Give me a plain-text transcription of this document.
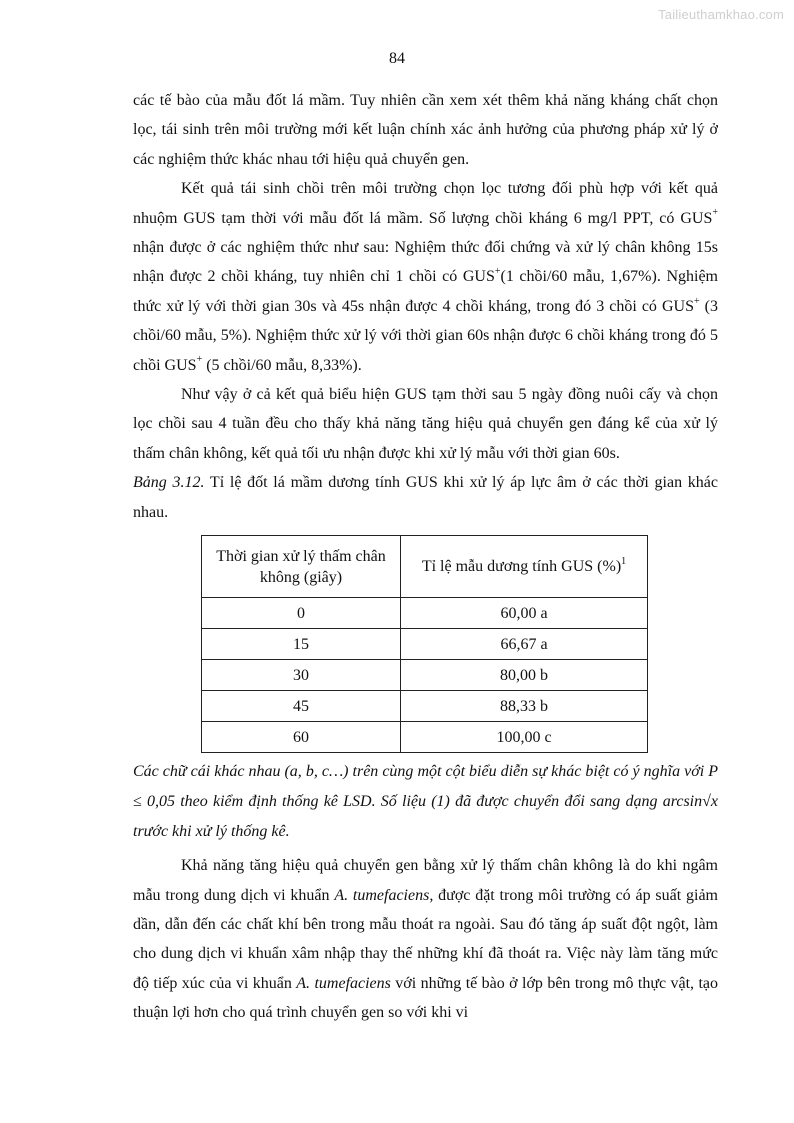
Tailieuthamkhao.com
84

các tế bào của mẫu đốt lá mầm. Tuy nhiên cần xem xét thêm khả năng kháng chất chọn lọc, tái sinh trên môi trường mới kết luận chính xác ảnh hưởng của phương pháp xử lý ở các nghiệm thức khác nhau tới hiệu quả chuyển gen.

Kết quả tái sinh chồi trên môi trường chọn lọc tương đối phù hợp với kết quả nhuộm GUS tạm thời với mẫu đốt lá mầm. Số lượng chồi kháng 6 mg/l PPT, có GUS+ nhận được ở các nghiệm thức như sau: Nghiệm thức đối chứng và xử lý chân không 15s nhận được 2 chồi kháng, tuy nhiên chỉ 1 chồi có GUS+(1 chồi/60 mẫu, 1,67%). Nghiệm thức xử lý với thời gian 30s và 45s nhận được 4 chồi kháng, trong đó 3 chồi có GUS+ (3 chồi/60 mẫu, 5%). Nghiệm thức xử lý với thời gian 60s nhận được 6 chồi kháng trong đó 5 chồi GUS+ (5 chồi/60 mẫu, 8,33%).

Như vậy ở cả kết quả biểu hiện GUS tạm thời sau 5 ngày đồng nuôi cấy và chọn lọc chồi sau 4 tuần đều cho thấy khả năng tăng hiệu quả chuyển gen đáng kể của xử lý thấm chân không, kết quả tối ưu nhận được khi xử lý mẫu với thời gian 60s.

Bảng 3.12. Tỉ lệ đốt lá mầm dương tính GUS khi xử lý áp lực âm ở các thời gian khác nhau.

Thời gian xử lý thấm chân không (giây)	Tỉ lệ mẫu dương tính GUS (%)$^1$
0	60,00 a
15	66,67 a
30	80,00 b
45	88,33 b
60	100,00 c

Các chữ cái khác nhau (a, b, c…) trên cùng một cột biểu diễn sự khác biệt có ý nghĩa với P ≤ 0,05 theo kiểm định thống kê LSD. Số liệu (1) đã được chuyển đổi sang dạng arcsin√x trước khi xử lý thống kê.

Khả năng tăng hiệu quả chuyển gen bằng xử lý thấm chân không là do khi ngâm mẫu trong dung dịch vi khuẩn A. tumefaciens, được đặt trong môi trường có áp suất giảm dần, dẫn đến các chất khí bên trong mẫu thoát ra ngoài. Sau đó tăng áp suất đột ngột, làm cho dung dịch vi khuẩn xâm nhập thay thế những khí đã thoát ra. Việc này làm tăng mức độ tiếp xúc của vi khuẩn A. tumefaciens với những tế bào ở lớp bên trong mô thực vật, tạo thuận lợi hơn cho quá trình chuyển gen so với khi vi
